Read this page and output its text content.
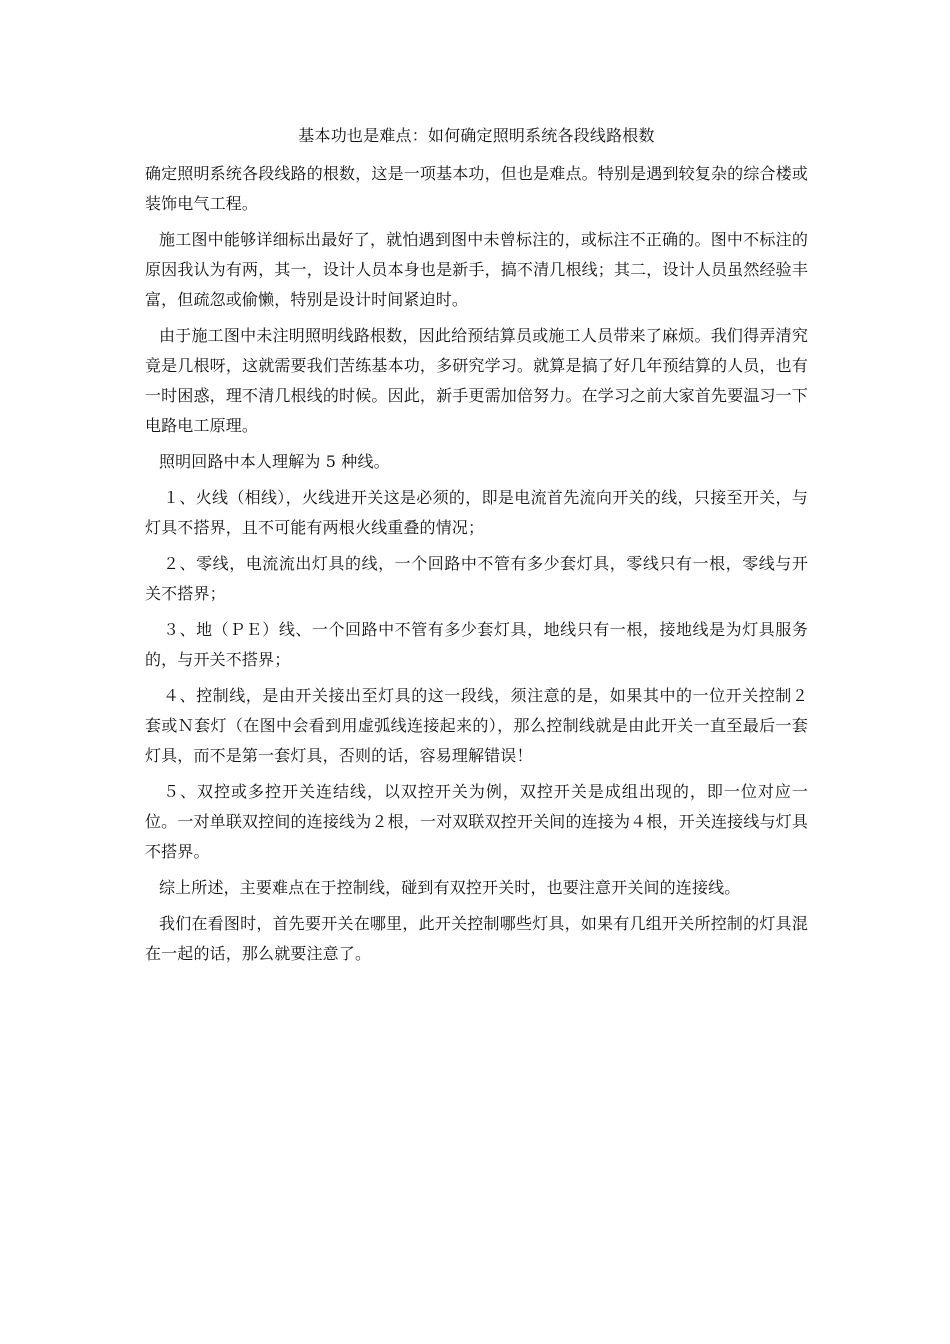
基本功也是难点：如何确定照明系统各段线路根数

确定照明系统各段线路的根数，这是一项基本功，但也是难点。特别是遇到较复杂的综合楼或装饰电气工程。

施工图中能够详细标出最好了，就怕遇到图中未曾标注的，或标注不正确的。图中不标注的原因我认为有两，其一，设计人员本身也是新手，搞不清几根线；其二，设计人员虽然经验丰富，但疏忽或偷懒，特别是设计时间紧迫时。

由于施工图中未注明照明线路根数，因此给预结算员或施工人员带来了麻烦。我们得弄清究竟是几根呀，这就需要我们苦练基本功，多研究学习。就算是搞了好几年预结算的人员，也有一时困惑，理不清几根线的时候。因此，新手更需加倍努力。在学习之前大家首先要温习一下电路电工原理。

照明回路中本人理解为 5 种线。

１、火线（相线），火线进开关这是必须的，即是电流首先流向开关的线，只接至开关，与灯具不搭界，且不可能有两根火线重叠的情况；

２、零线，电流流出灯具的线，一个回路中不管有多少套灯具，零线只有一根，零线与开关不搭界；

３、地（ＰＥ）线、一个回路中不管有多少套灯具，地线只有一根，接地线是为灯具服务的，与开关不搭界；

４、控制线，是由开关接出至灯具的这一段线，须注意的是，如果其中的一位开关控制２套或Ｎ套灯（在图中会看到用虚弧线连接起来的），那么控制线就是由此开关一直至最后一套灯具，而不是第一套灯具，否则的话，容易理解错误！

５、双控或多控开关连结线，以双控开关为例，双控开关是成组出现的，即一位对应一位。一对单联双控间的连接线为２根，一对双联双控开关间的连接为４根，开关连接线与灯具不搭界。

综上所述，主要难点在于控制线，碰到有双控开关时，也要注意开关间的连接线。

我们在看图时，首先要开关在哪里，此开关控制哪些灯具，如果有几组开关所控制的灯具混在一起的话，那么就要注意了。
